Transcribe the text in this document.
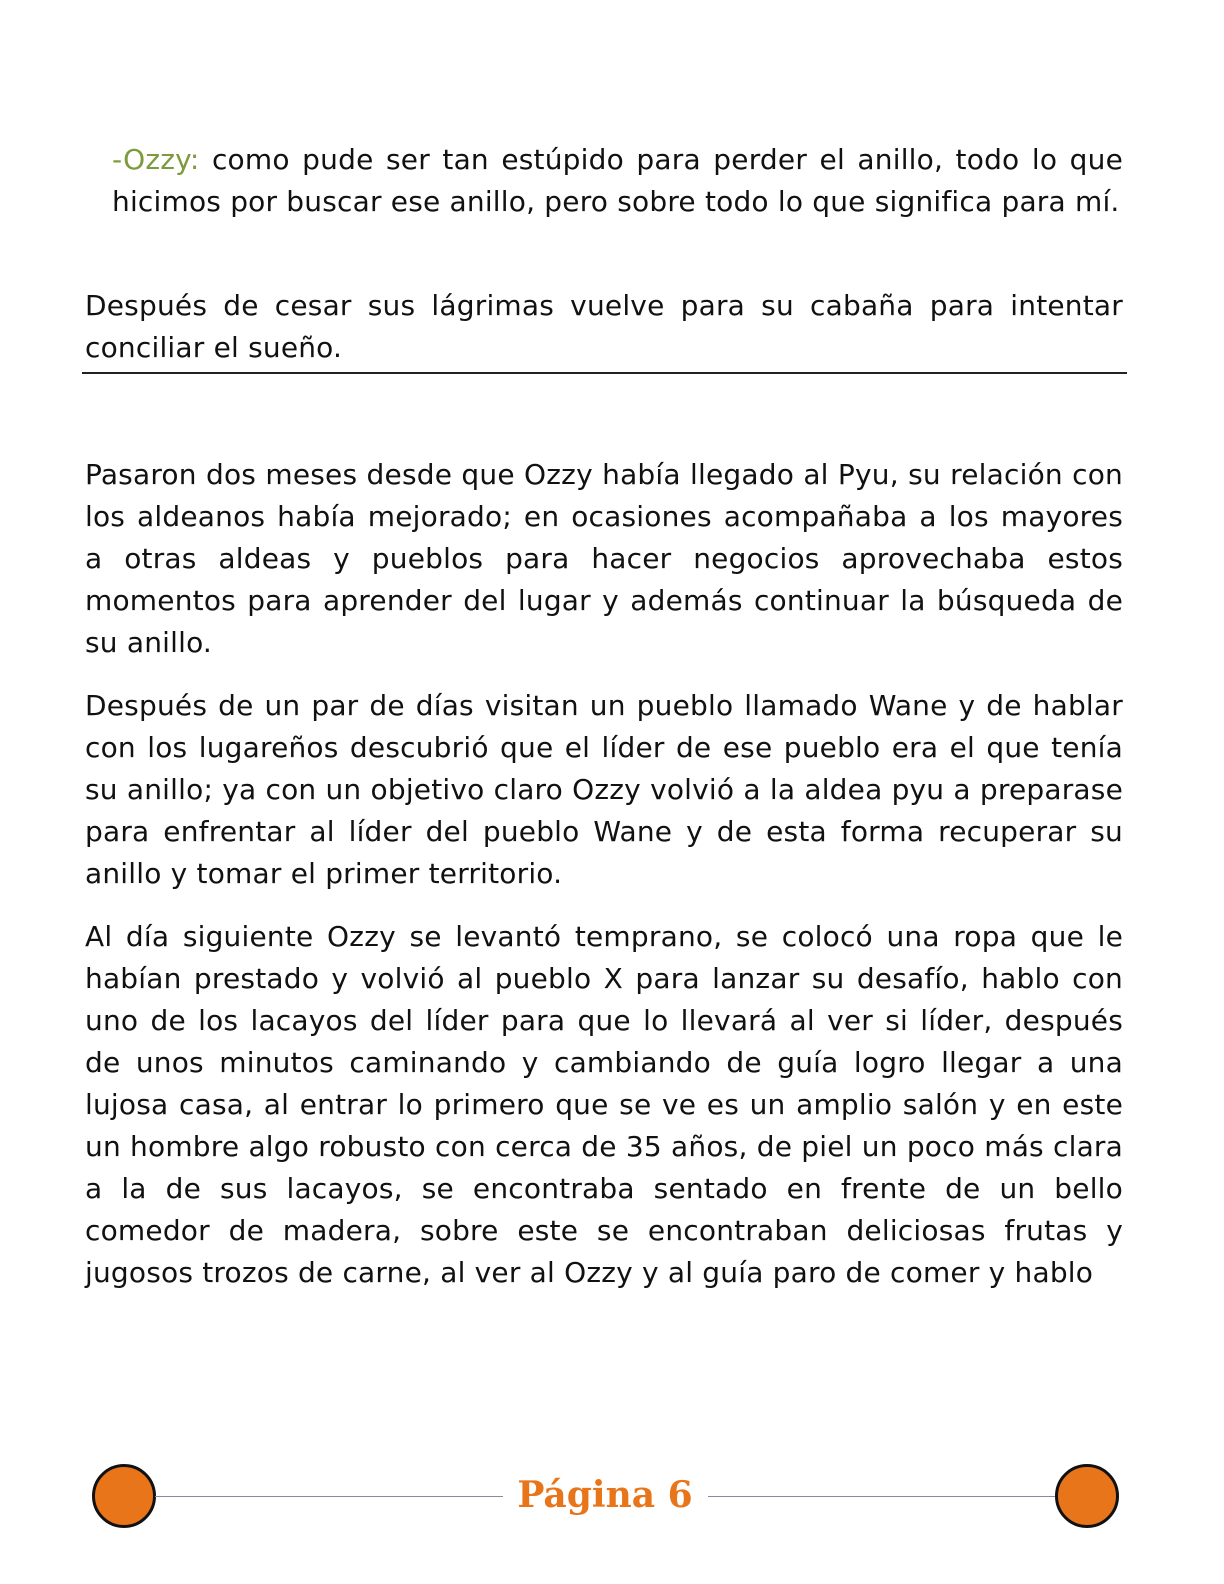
-Ozzy: como pude ser tan estúpido para perder el anillo, todo lo que hicimos por buscar ese anillo, pero sobre todo lo que significa para mí.

Después de cesar sus lágrimas vuelve para su cabaña para intentar conciliar el sueño.

Pasaron dos meses desde que Ozzy había llegado al Pyu, su relación con los aldeanos había mejorado; en ocasiones acompañaba a los mayores a otras aldeas y pueblos para hacer negocios aprovechaba estos momentos para aprender del lugar y además continuar la búsqueda de su anillo.

Después de un par de días visitan un pueblo llamado Wane y de hablar con los lugareños descubrió que el líder de ese pueblo era el que tenía su anillo; ya con un objetivo claro Ozzy volvió a la aldea pyu a preparase para enfrentar al líder del pueblo Wane y de esta forma recuperar su anillo y tomar el primer territorio.

Al día siguiente Ozzy se levantó temprano, se colocó una ropa que le habían prestado y volvió al pueblo X para lanzar su desafío, hablo con uno de los lacayos del líder para que lo llevará al ver si líder, después de unos minutos caminando y cambiando de guía logro llegar a una lujosa casa, al entrar lo primero que se ve es un amplio salón y en este un hombre algo robusto con cerca de 35 años, de piel un poco más clara a la de sus lacayos, se encontraba sentado en frente de un bello comedor de madera, sobre este se encontraban deliciosas frutas y jugosos trozos de carne, al ver al Ozzy y al guía paro de comer y hablo

Página 6
